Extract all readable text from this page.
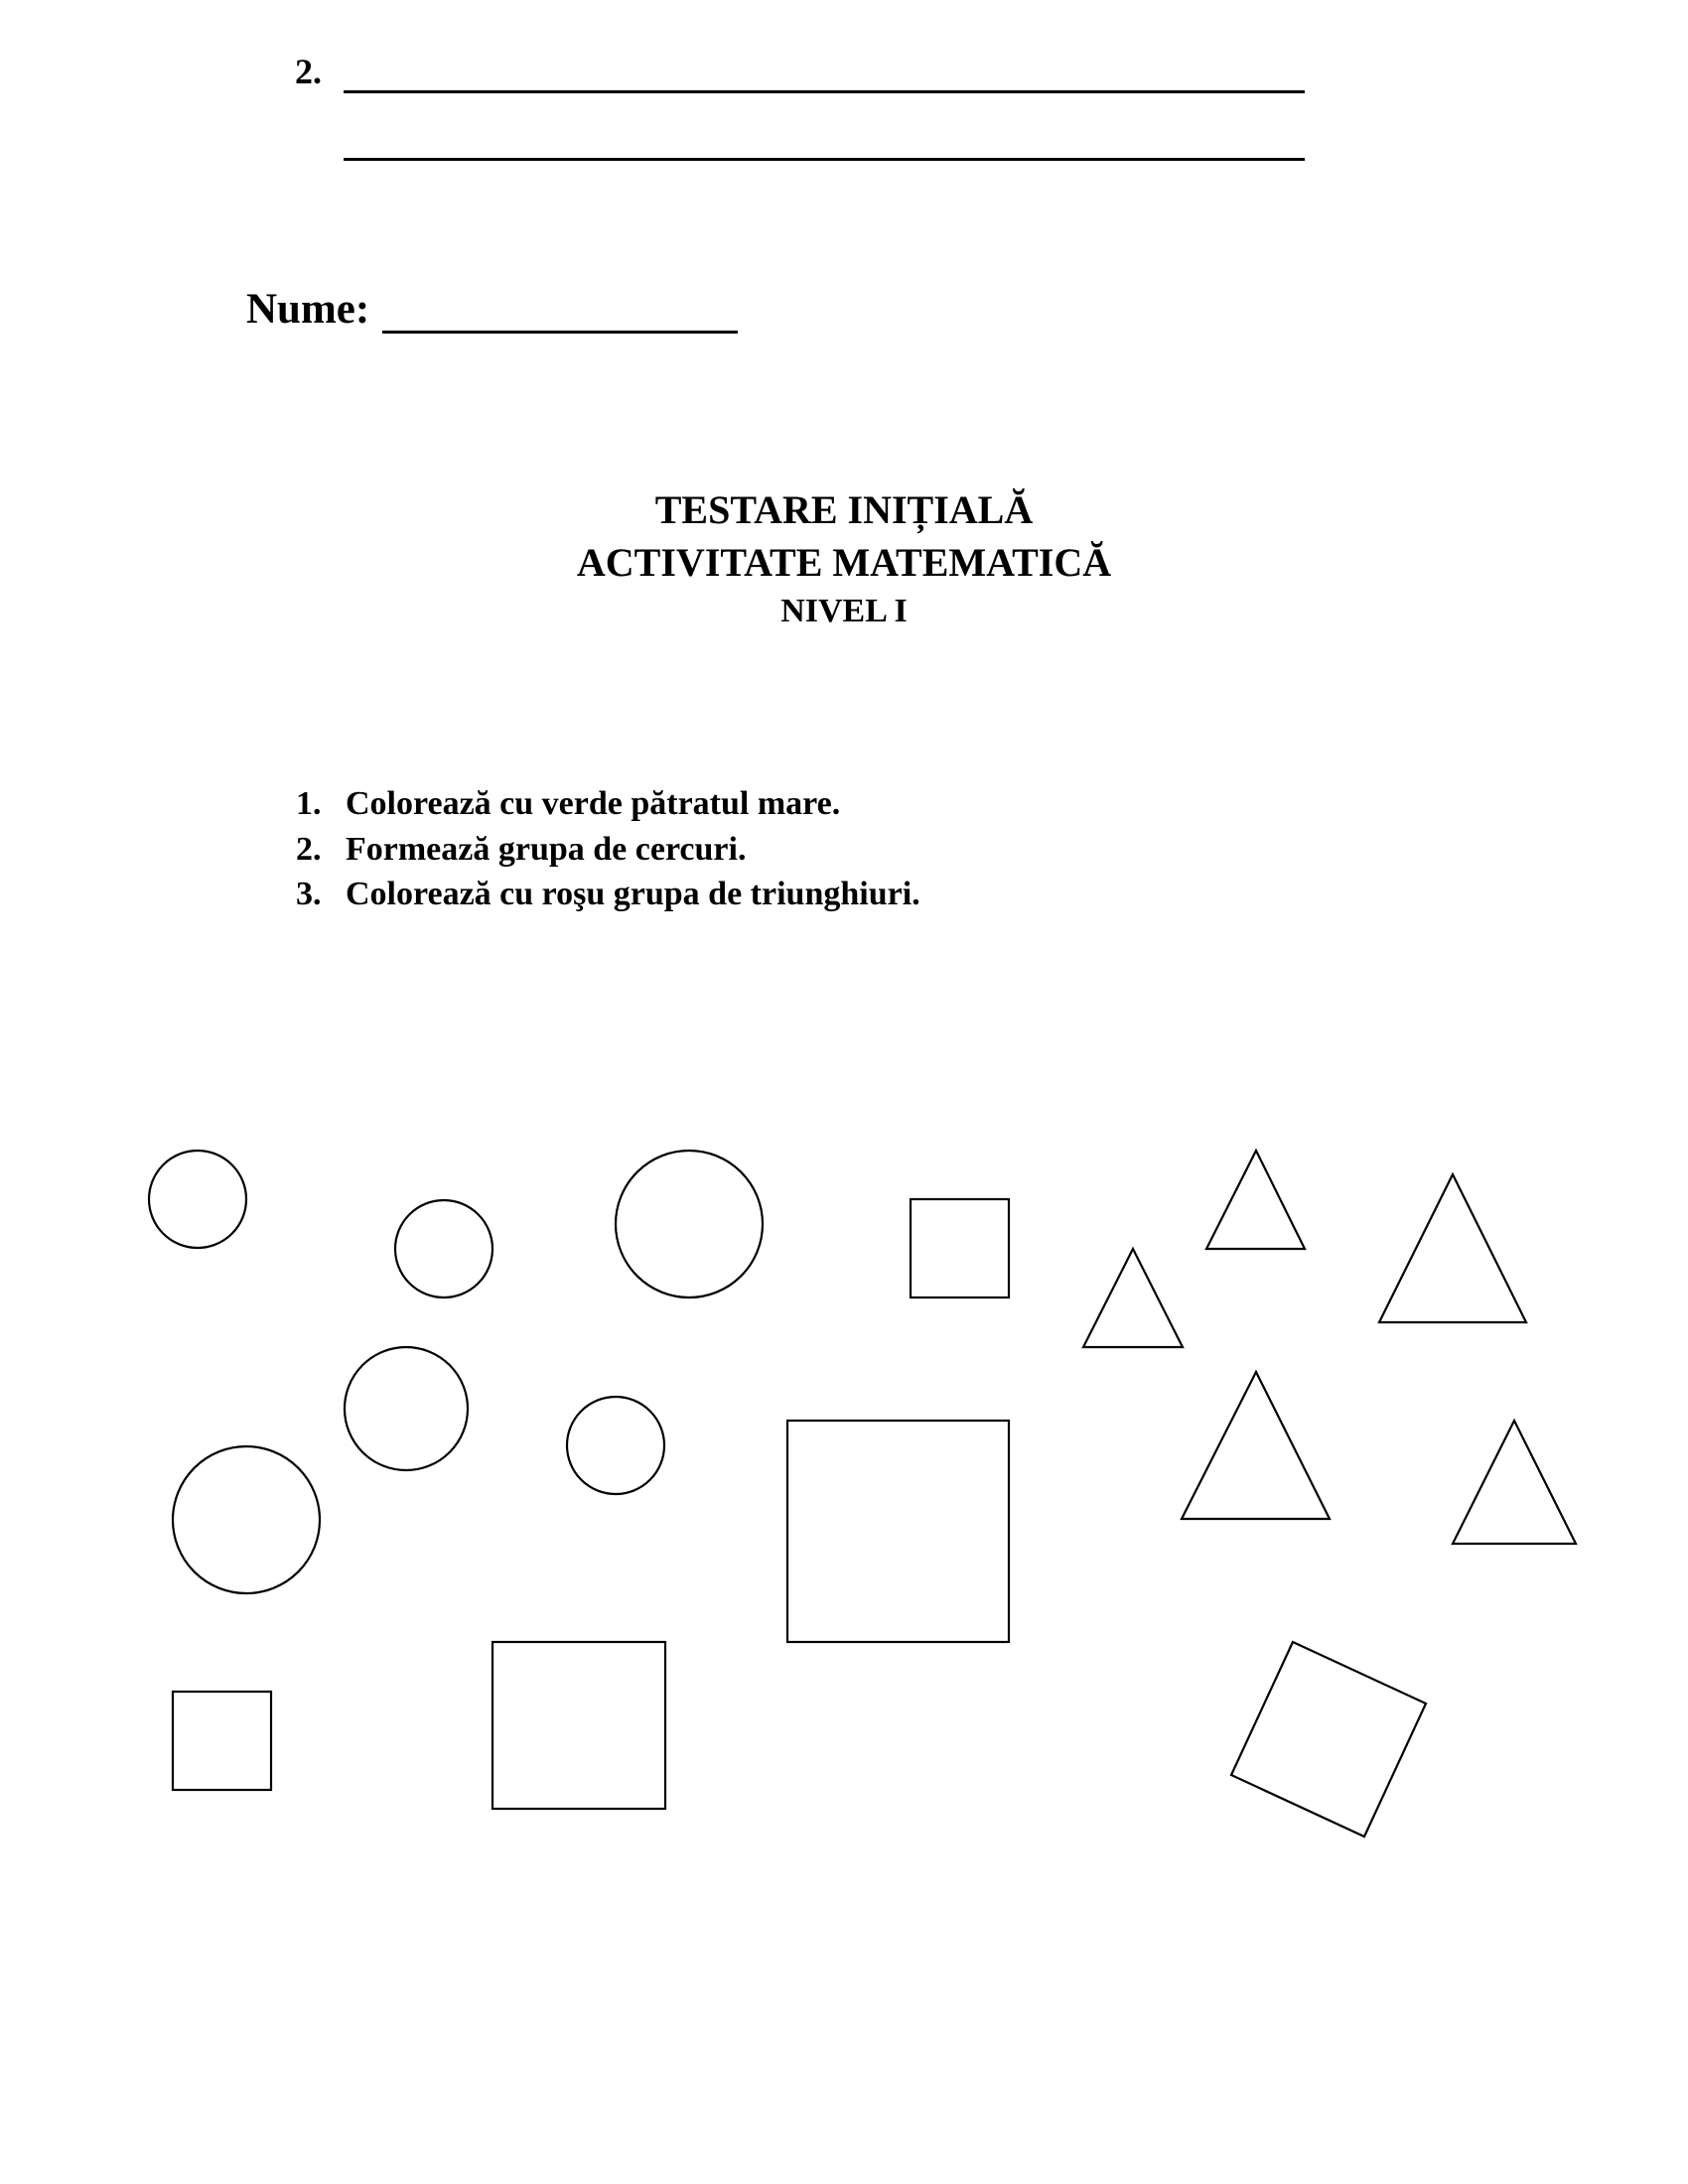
2.
Nume:
TESTARE INIȚIALĂ
ACTIVITATE MATEMATICĂ
NIVEL I
1. Colorează cu verde pătratul mare.
2. Formează grupa de cercuri.
3. Colorează cu roşu grupa de triunghiuri.
